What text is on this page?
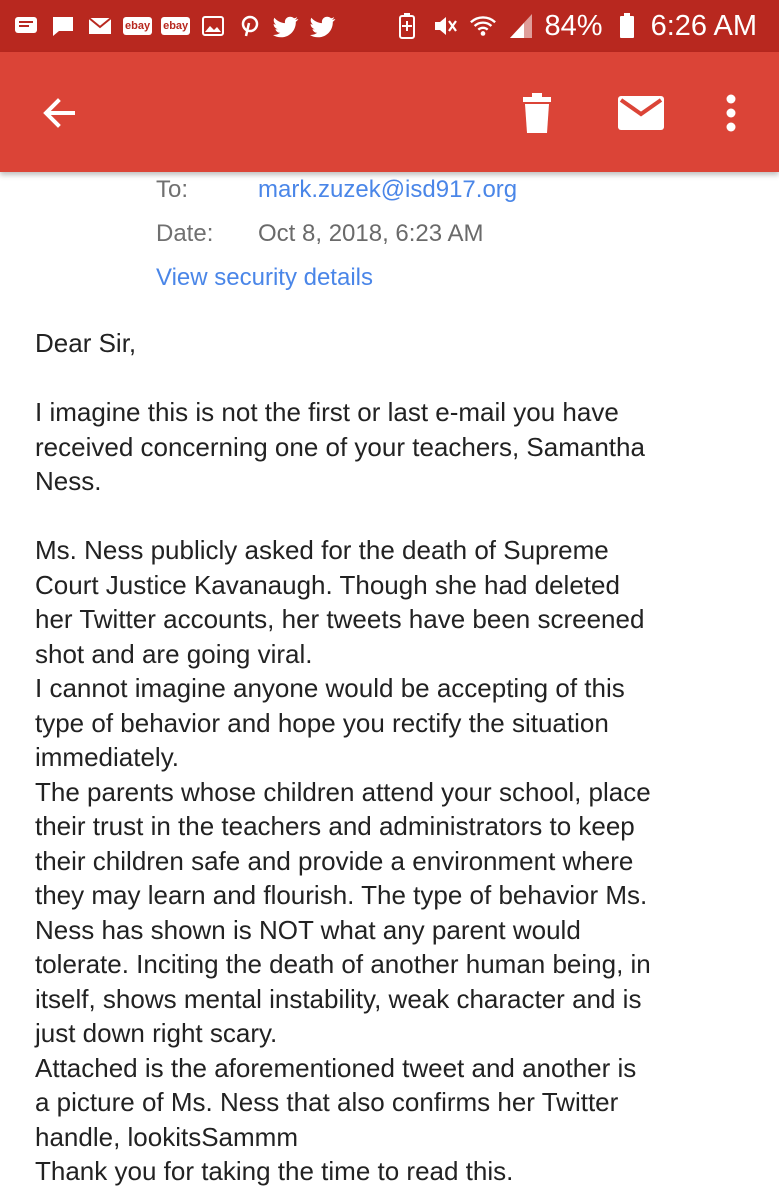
ebay ebay	84% 6:26 AM
To:	mark.zuzek@isd917.org
Date: Oct 8, 2018, 6:23 AM
View security details

Dear Sir,

I imagine this is not the first or last e-mail you have

received concerning one of your teachers, Samantha

Ness.

Ms. Ness publicly asked for the death of Supreme

Court Justice Kavanaugh. Though she had deleted

her Twitter accounts, her tweets have been screened

shot and are going viral.

I cannot imagine anyone would be accepting of this

type of behavior and hope you rectify the situation

immediately.

The parents whose children attend your school, place

their trust in the teachers and administrators to keep

their children safe and provide a environment where

they may learn and flourish. The type of behavior Ms.

Ness has shown is NOT what any parent would

tolerate. Inciting the death of another human being, in

itself, shows mental instability, weak character and is

just down right scary.

Attached is the aforementioned tweet and another is

a picture of Ms. Ness that also confirms her Twitter

handle, lookitsSammm

Thank you for taking the time to read this.
